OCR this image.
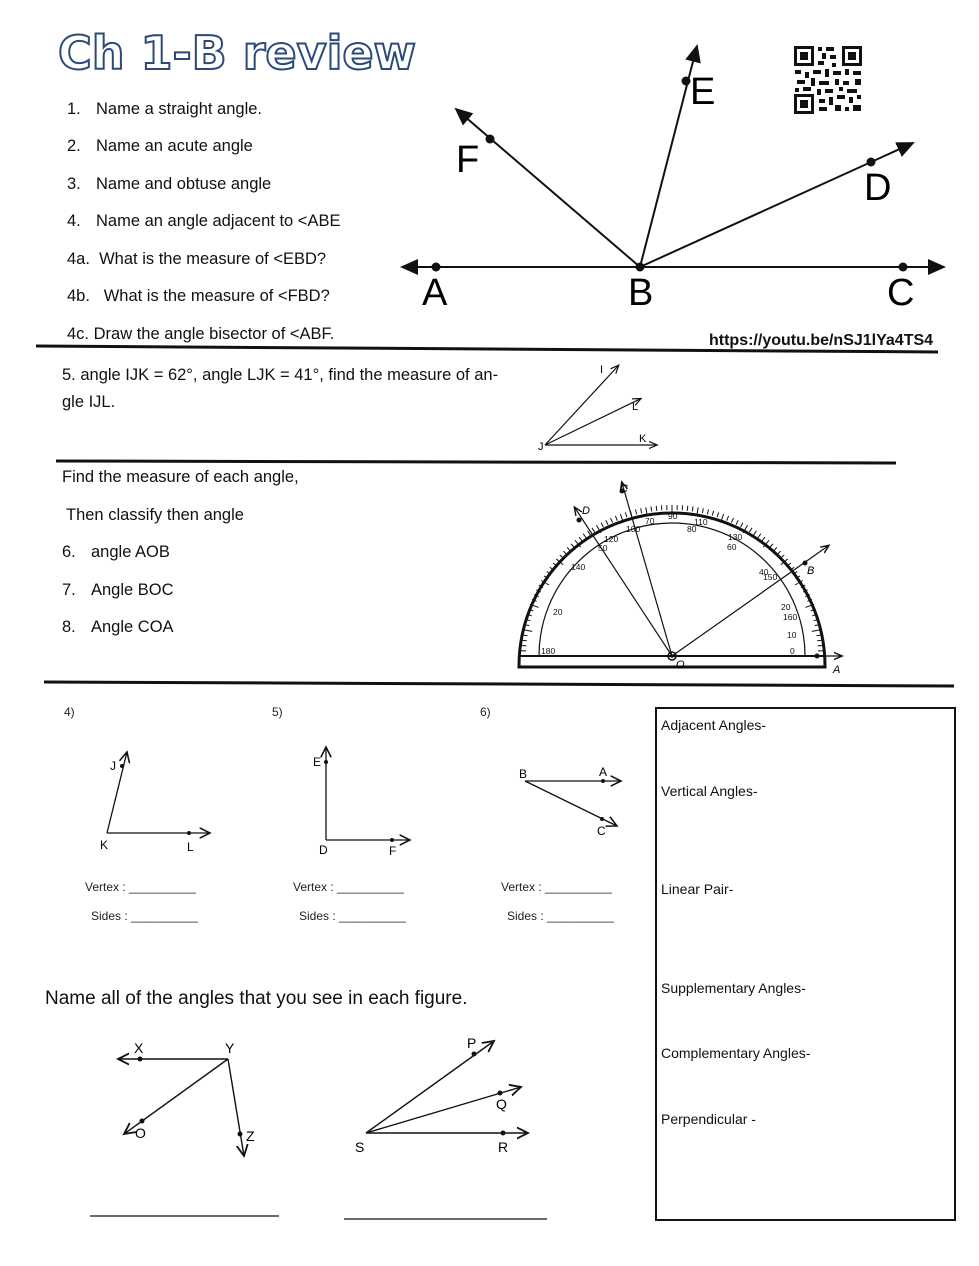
Ch 1-B review
1. Name a straight angle.
2. Name an acute angle
3. Name and obtuse angle
4. Name an angle adjacent to <ABE
4a. What is the measure of <EBD?
4b. What is the measure of <FBD?
4c. Draw the angle bisector of <ABF.
A	B	C
D
E
F
https://youtu.be/nSJ1lYa4TS4
5. angle IJK = 62°, angle LJK = 41°, find the measure of an-
gle IJL.
I
L
K
J
Find the measure of each angle,
Then classify then angle
6. angle AOB
7. Angle BOC
8. Angle COA
180	0
20
50
70 90
110
130
150
160
140
120
100	80
60
40
20
10
A
B
C
D
O
4)	5)	6)
J
K	L
E
D	F
A
B
C
Vertex : __________
Sides : __________
Vertex : __________
Sides : __________
Vertex : __________
Sides : __________
Name all of the angles that you see in each figure.
X	Y
O	Z
P
Q
S	R
Adjacent Angles-
Vertical Angles-
Linear Pair-
Supplementary Angles-
Complementary Angles-
Perpendicular -
